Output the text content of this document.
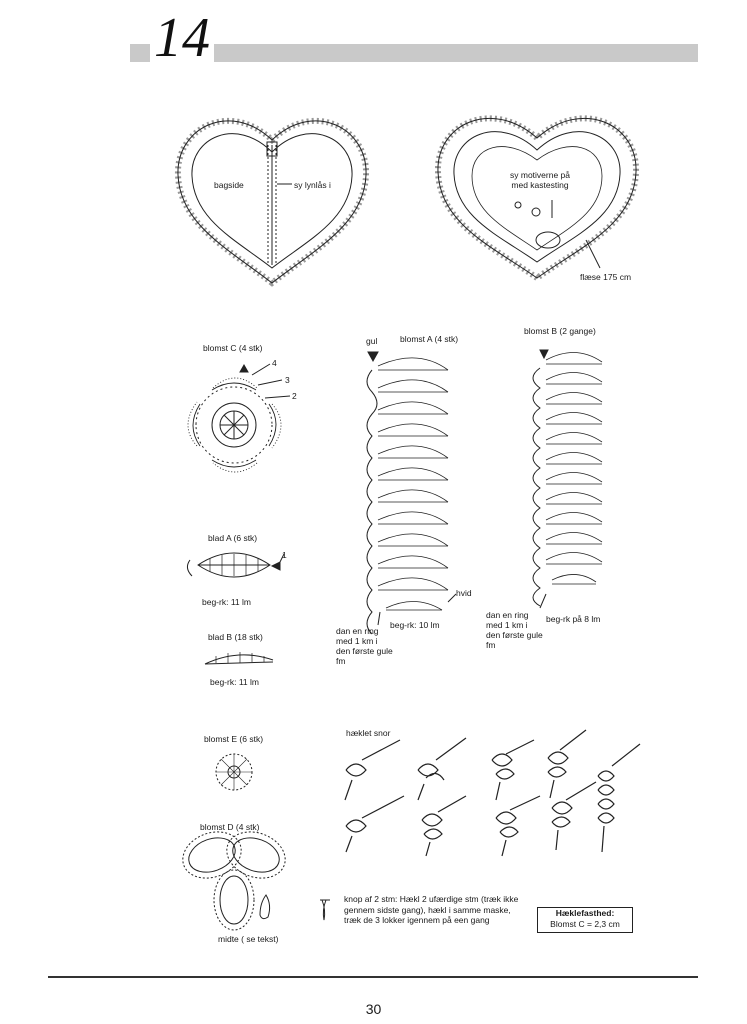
14
bagside	sy lynlås i
sy motiverne på
med kastesting
flæse 175 cm
blomst C (4 stk)
2
3
4
gul	blomst A (4 stk)
hvid
beg-rk: 10 lm
dan en ring
med 1 km i
den første gule
fm
blomst B (2 gange)
beg-rk på 8 lm
dan en ring
med 1 km i
den første gule
fm
blad A (6 stk)
1
beg-rk: 11 lm
blad B (18 stk)
beg-rk: 11 lm
blomst E (6 stk)
blomst D (4 stk)
midte ( se tekst)
hæklet snor
knop af 2 stm: Hækl 2 ufærdige stm (træk ikke gennem sidste gang), hækl i samme maske, træk de 3 lokker igennem på een gang
Hæklefasthed:
Blomst C = 2,3 cm
30
